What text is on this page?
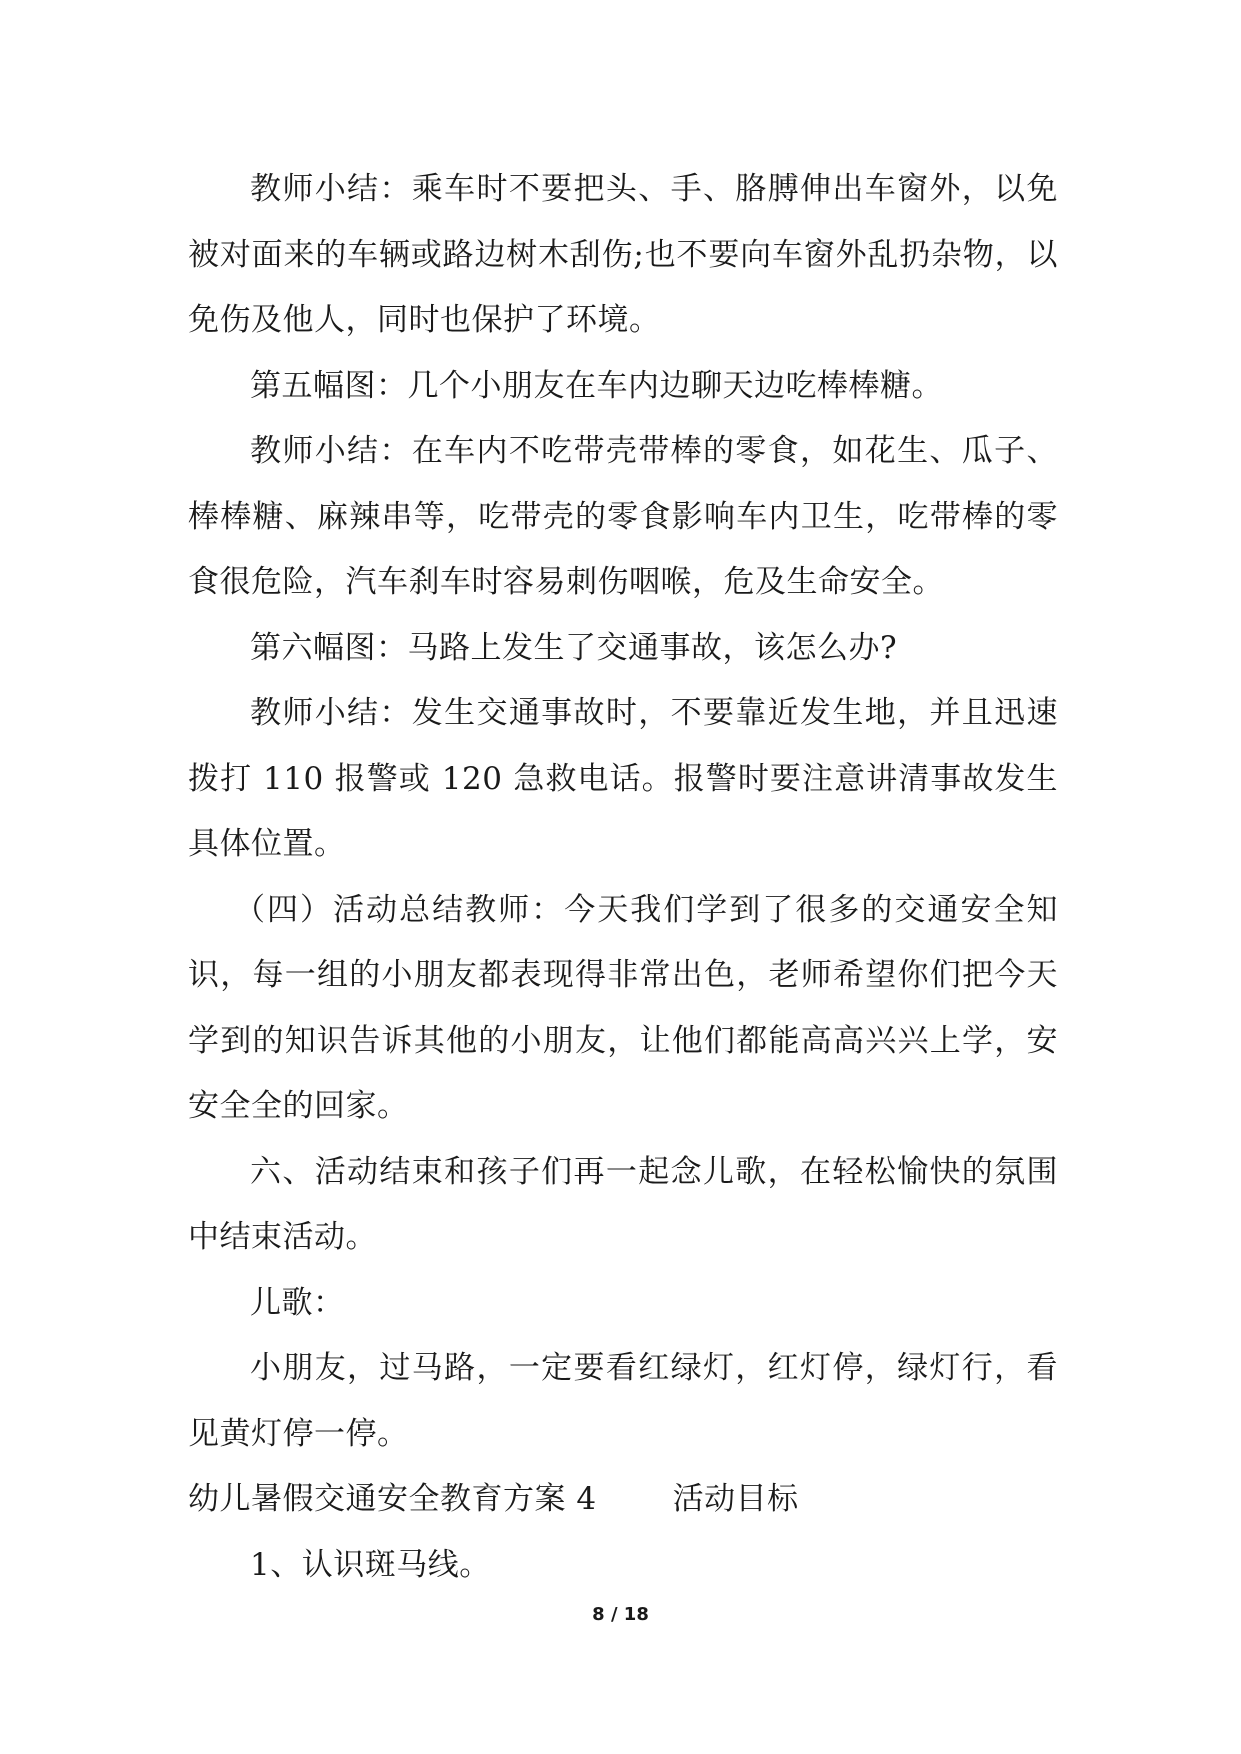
教师小结：乘车时不要把头、手、胳膊伸出车窗外，以免被对面来的车辆或路边树木刮伤;也不要向车窗外乱扔杂物，以免伤及他人，同时也保护了环境。

第五幅图：几个小朋友在车内边聊天边吃棒棒糖。

教师小结：在车内不吃带壳带棒的零食，如花生、瓜子、棒棒糖、麻辣串等，吃带壳的零食影响车内卫生，吃带棒的零食很危险，汽车刹车时容易刺伤咽喉，危及生命安全。

第六幅图：马路上发生了交通事故，该怎么办?

教师小结：发生交通事故时，不要靠近发生地，并且迅速拨打 110 报警或 120 急救电话。报警时要注意讲清事故发生具体位置。

（四）活动总结教师：今天我们学到了很多的交通安全知识，每一组的小朋友都表现得非常出色，老师希望你们把今天学到的知识告诉其他的小朋友，让他们都能高高兴兴上学，安安全全的回家。

六、活动结束和孩子们再一起念儿歌，在轻松愉快的氛围中结束活动。

儿歌：

小朋友，过马路，一定要看红绿灯，红灯停，绿灯行，看见黄灯停一停。

幼儿暑假交通安全教育方案 4 活动目标

1、认识斑马线。

8 / 18
